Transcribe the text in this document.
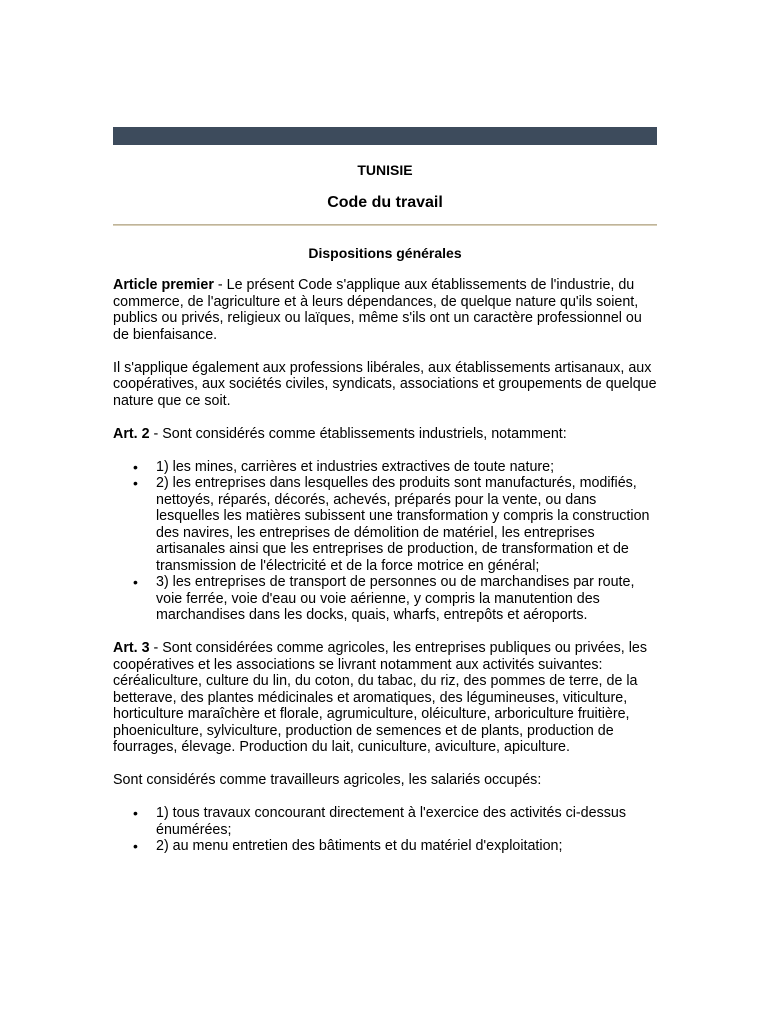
TUNISIE
Code du travail
Dispositions générales

Article premier - Le présent Code s'applique aux établissements de l'industrie, du commerce, de l'agriculture et à leurs dépendances, de quelque nature qu'ils soient, publics ou privés, religieux ou laïques, même s'ils ont un caractère professionnel ou de bienfaisance.

Il s'applique également aux professions libérales, aux établissements artisanaux, aux coopératives, aux sociétés civiles, syndicats, associations et groupements de quelque nature que ce soit.

Art. 2 - Sont considérés comme établissements industriels, notamment:

• 1) les mines, carrières et industries extractives de toute nature;
• 2) les entreprises dans lesquelles des produits sont manufacturés, modifiés, nettoyés, réparés, décorés, achevés, préparés pour la vente, ou dans lesquelles les matières subissent une transformation y compris la construction des navires, les entreprises de démolition de matériel, les entreprises artisanales ainsi que les entreprises de production, de transformation et de transmission de l'électricité et de la force motrice en général;
• 3) les entreprises de transport de personnes ou de marchandises par route, voie ferrée, voie d'eau ou voie aérienne, y compris la manutention des marchandises dans les docks, quais, wharfs, entrepôts et aéroports.

Art. 3 - Sont considérées comme agricoles, les entreprises publiques ou privées, les coopératives et les associations se livrant notamment aux activités suivantes: céréaliculture, culture du lin, du coton, du tabac, du riz, des pommes de terre, de la betterave, des plantes médicinales et aromatiques, des légumineuses, viticulture, horticulture maraîchère et florale, agrumiculture, oléiculture, arboriculture fruitière, phoeniculture, sylviculture, production de semences et de plants, production de fourrages, élevage. Production du lait, cuniculture, aviculture, apiculture.

Sont considérés comme travailleurs agricoles, les salariés occupés:

• 1) tous travaux concourant directement à l'exercice des activités ci-dessus énumérées;
• 2) au menu entretien des bâtiments et du matériel d'exploitation;
